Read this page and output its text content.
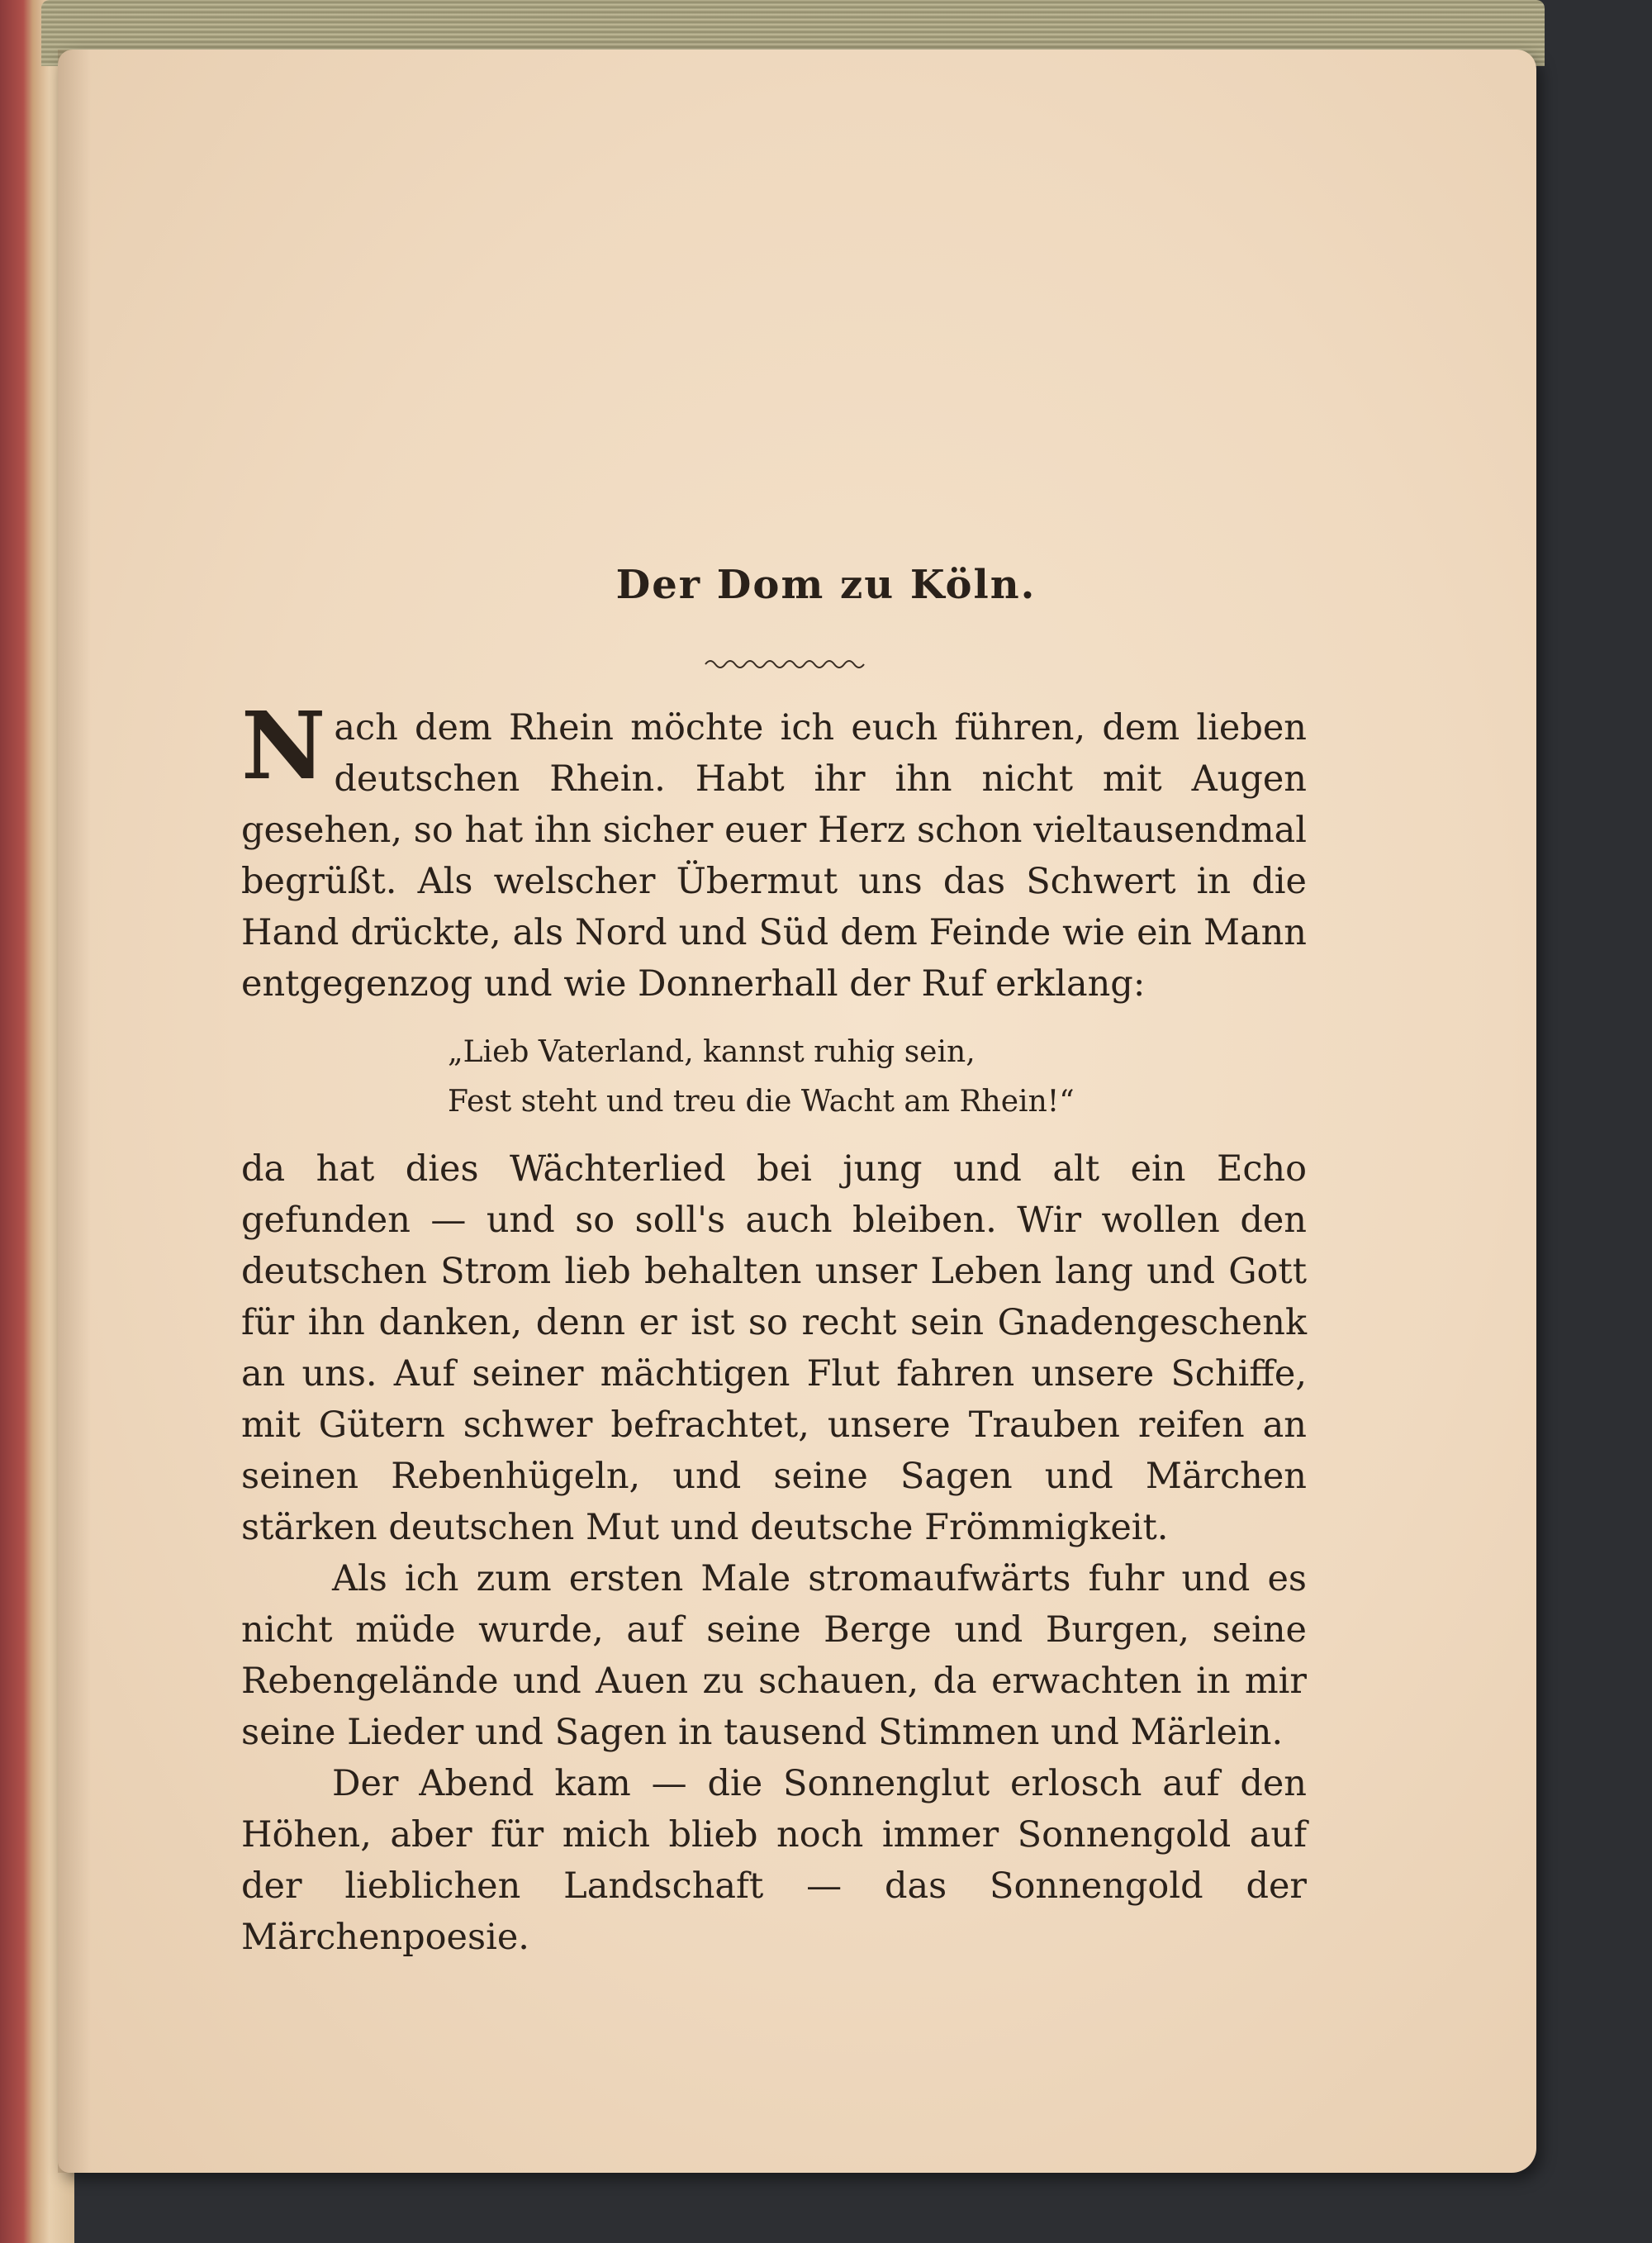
Der Dom zu Köln.

Nach dem Rhein möchte ich euch führen, dem lieben deutschen Rhein. Habt ihr ihn nicht mit Augen gesehen, so hat ihn sicher euer Herz schon vieltausendmal begrüßt. Als welscher Übermut uns das Schwert in die Hand drückte, als Nord und Süd dem Feinde wie ein Mann entgegenzog und wie Donnerhall der Ruf erklang:

„Lieb Vaterland, kannst ruhig sein,
Fest steht und treu die Wacht am Rhein!“

da hat dies Wächterlied bei jung und alt ein Echo gefunden — und so soll's auch bleiben. Wir wollen den deutschen Strom lieb behalten unser Leben lang und Gott für ihn danken, denn er ist so recht sein Gnadengeschenk an uns. Auf seiner mächtigen Flut fahren unsere Schiffe, mit Gütern schwer befrachtet, unsere Trauben reifen an seinen Rebenhügeln, und seine Sagen und Märchen stärken deutschen Mut und deutsche Frömmigkeit.

Als ich zum ersten Male stromaufwärts fuhr und es nicht müde wurde, auf seine Berge und Burgen, seine Rebengelände und Auen zu schauen, da erwachten in mir seine Lieder und Sagen in tausend Stimmen und Märlein.

Der Abend kam — die Sonnenglut erlosch auf den Höhen, aber für mich blieb noch immer Sonnengold auf der lieblichen Landschaft — das Sonnengold der Märchenpoesie.
